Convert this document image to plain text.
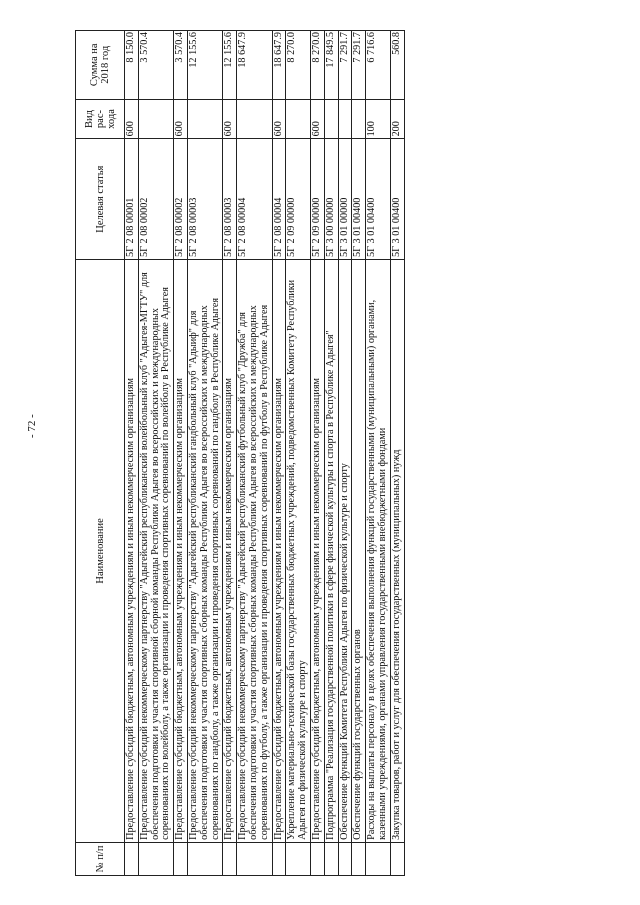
- 72 -
№ п/п	Наименование	Целевая статья	Вид рас-хода	Сумма на 2018 год
	Предоставление субсидий бюджетным, автономным учреждениям и иным некоммерческим организациям	5Г 2 08 00001	600	8 150.0
	Предоставление субсидий некоммерческому партнерству "Адыгейский республиканский волейбольный клуб "Адыгея-МГТУ" для обеспечения подготовки и участия спортивной сборной команды Республики Адыгея во всероссийских и международных соревнованиях по волейболу, а также организации и проведения спортивных соревнований по волейболу в Республике Адыгея	5Г 2 08 00002		3 570.4
	Предоставление субсидий бюджетным, автономным учреждениям и иным некоммерческим организациям	5Г 2 08 00002	600	3 570.4
	Предоставление субсидий некоммерческому партнерству "Адыгейский республиканский гандбольный клуб "Адыиф" для обеспечения подготовки и участия спортивных сборных команды Республики Адыгея во всероссийских и международных соревнованиях по гандболу, а также организации и проведения спортивных соревнований по гандболу в Республике Адыгея	5Г 2 08 00003		12 155.6
	Предоставление субсидий бюджетным, автономным учреждениям и иным некоммерческим организациям	5Г 2 08 00003	600	12 155.6
	Предоставление субсидий некоммерческому партнерству "Адыгейский республиканский футбольный клуб "Дружба" для обеспечения подготовки и участия спортивных сборных команды Республики Адыгея во всероссийских и международных соревнованиях по футболу, а также организации и проведения спортивных соревнований по футболу в Республике Адыгея	5Г 2 08 00004		18 647.9
	Предоставление субсидий бюджетным, автономным учреждениям и иным некоммерческим организациям	5Г 2 08 00004	600	18 647.9
	Укрепление материально-технической базы государственных бюджетных учреждений, подведомственных Комитету Республики Адыгея по физической культуре и спорту	5Г 2 09 00000		8 270.0
	Предоставление субсидий бюджетным, автономным учреждениям и иным некоммерческим организациям	5Г 2 09 00000	600	8 270.0
	Подпрограмма "Реализация государственной политики в сфере физической культуры и спорта в Республике Адыгея"	5Г 3 00 00000		17 849.5
	Обеспечение функций Комитета Республики Адыгея по физической культуре и спорту	5Г 3 01 00000		7 291.7
	Обеспечение функций государственных органов	5Г 3 01 00400		7 291.7
	Расходы на выплаты персоналу в целях обеспечения выполнения функций государственными (муниципальными) органами, казенными учреждениями, органами управления государственными внебюджетными фондами	5Г 3 01 00400	100	6 716.6
	Закупка товаров, работ и услуг для обеспечения государственных (муниципальных) нужд	5Г 3 01 00400	200	560.8
